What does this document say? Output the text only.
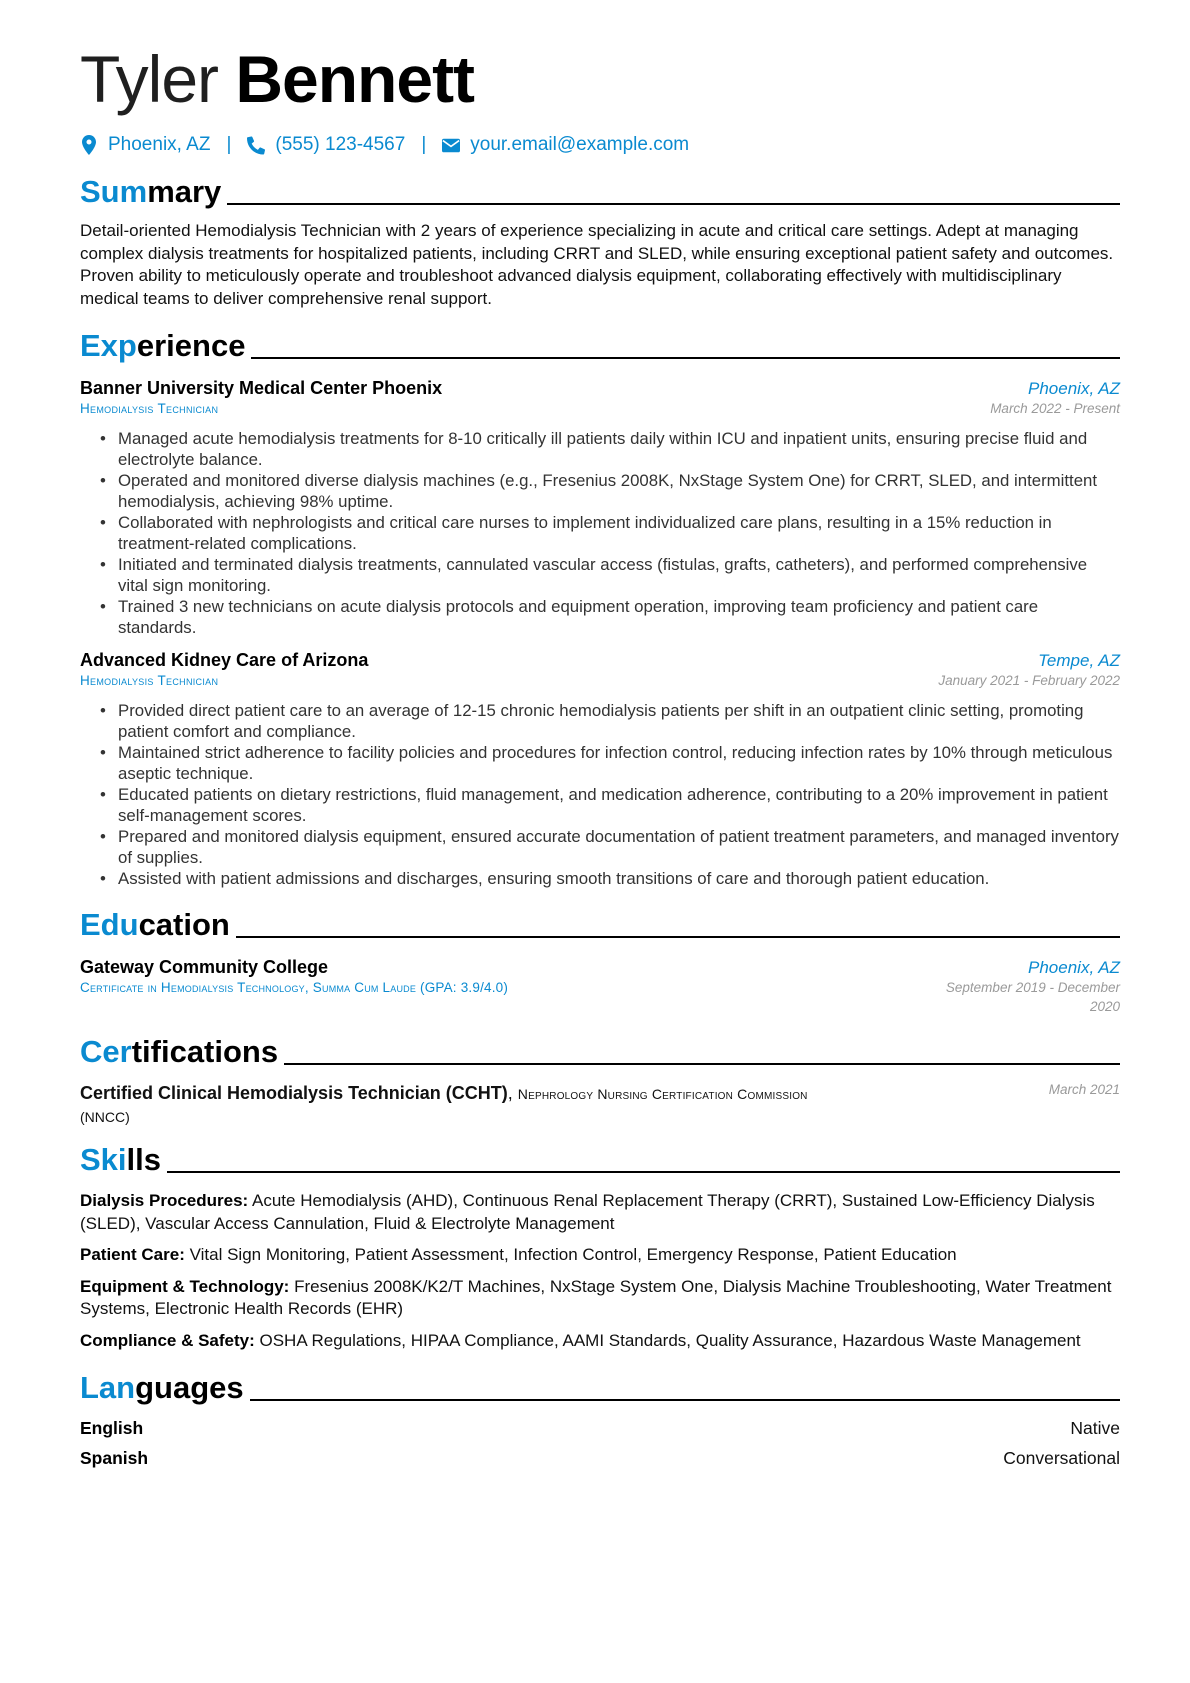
Tyler Bennett
Phoenix, AZ | (555) 123-4567 | your.email@example.com
Summary
Detail-oriented Hemodialysis Technician with 2 years of experience specializing in acute and critical care settings. Adept at managing complex dialysis treatments for hospitalized patients, including CRRT and SLED, while ensuring exceptional patient safety and outcomes. Proven ability to meticulously operate and troubleshoot advanced dialysis equipment, collaborating effectively with multidisciplinary medical teams to deliver comprehensive renal support.
Experience
Banner University Medical Center Phoenix	Phoenix, AZ
Hemodialysis Technician	March 2022 - Present
• Managed acute hemodialysis treatments for 8-10 critically ill patients daily within ICU and inpatient units, ensuring precise fluid and electrolyte balance.
• Operated and monitored diverse dialysis machines (e.g., Fresenius 2008K, NxStage System One) for CRRT, SLED, and intermittent hemodialysis, achieving 98% uptime.
• Collaborated with nephrologists and critical care nurses to implement individualized care plans, resulting in a 15% reduction in treatment-related complications.
• Initiated and terminated dialysis treatments, cannulated vascular access (fistulas, grafts, catheters), and performed comprehensive vital sign monitoring.
• Trained 3 new technicians on acute dialysis protocols and equipment operation, improving team proficiency and patient care standards.
Advanced Kidney Care of Arizona	Tempe, AZ
Hemodialysis Technician	January 2021 - February 2022
• Provided direct patient care to an average of 12-15 chronic hemodialysis patients per shift in an outpatient clinic setting, promoting patient comfort and compliance.
• Maintained strict adherence to facility policies and procedures for infection control, reducing infection rates by 10% through meticulous aseptic technique.
• Educated patients on dietary restrictions, fluid management, and medication adherence, contributing to a 20% improvement in patient self-management scores.
• Prepared and monitored dialysis equipment, ensured accurate documentation of patient treatment parameters, and managed inventory of supplies.
• Assisted with patient admissions and discharges, ensuring smooth transitions of care and thorough patient education.
Education
Gateway Community College	Phoenix, AZ
Certificate in Hemodialysis Technology, Summa Cum Laude (GPA: 3.9/4.0)	September 2019 - December 2020
Certifications
Certified Clinical Hemodialysis Technician (CCHT), Nephrology Nursing Certification Commission
(NNCC)
March 2021
Skills
Dialysis Procedures: Acute Hemodialysis (AHD), Continuous Renal Replacement Therapy (CRRT), Sustained Low-Efficiency Dialysis (SLED), Vascular Access Cannulation, Fluid & Electrolyte Management
Patient Care: Vital Sign Monitoring, Patient Assessment, Infection Control, Emergency Response, Patient Education
Equipment & Technology: Fresenius 2008K/K2/T Machines, NxStage System One, Dialysis Machine Troubleshooting, Water Treatment Systems, Electronic Health Records (EHR)
Compliance & Safety: OSHA Regulations, HIPAA Compliance, AAMI Standards, Quality Assurance, Hazardous Waste Management
Languages
English	Native
Spanish	Conversational
